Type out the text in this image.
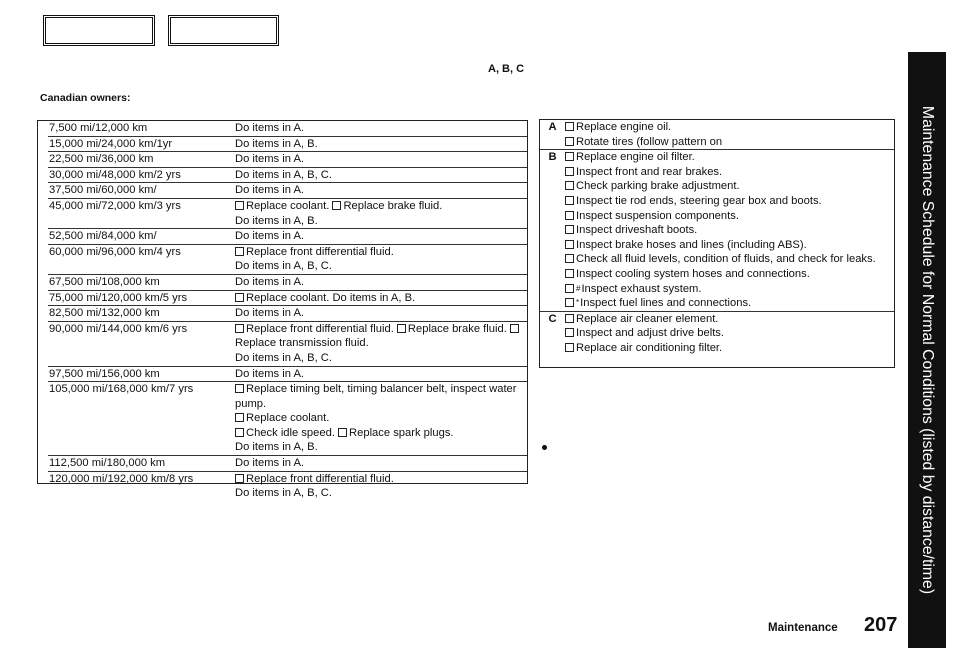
A, B, C
Canadian owners:
7,500 mi/12,000 km	Do items in A.

15,000 mi/24,000 km/1yr	Do items in A, B.

22,500 mi/36,000 km	Do items in A.

30,000 mi/48,000 km/2 yrs	Do items in A, B, C.

37,500 mi/60,000 km/	Do items in A.

45,000 mi/72,000 km/3 yrs	Replace coolant. Replace brake fluid.

Do items in A, B.

52,500 mi/84,000 km/	Do items in A.

60,000 mi/96,000 km/4 yrs	Replace front differential fluid.

Do items in A, B, C.

67,500 mi/108,000 km	Do items in A.

75,000 mi/120,000 km/5 yrs	Replace coolant. Do items in A, B.

82,500 mi/132,000 km	Do items in A.

90,000 mi/144,000 km/6 yrs	Replace front differential fluid. Replace brake fluid. Replace transmission fluid.

Do items in A, B, C.

97,500 mi/156,000 km	Do items in A.

105,000 mi/168,000 km/7 yrs	Replace timing belt, timing balancer belt, inspect water pump.

Replace coolant.

Check idle speed. Replace spark plugs.

Do items in A, B.

112,500 mi/180,000 km	Do items in A.

120,000 mi/192,000 km/8 yrs	Replace front differential fluid.

Do items in A, B, C.

A	Replace engine oil.
Rotate tires (follow pattern on
B	Replace engine oil filter.
Inspect front and rear brakes.
Check parking brake adjustment.
Inspect tie rod ends, steering gear box and boots.
Inspect suspension components.
Inspect driveshaft boots.
Inspect brake hoses and lines (including ABS).
Check all fluid levels, condition of fluids, and check for leaks.
Inspect cooling system hoses and connections.
#Inspect exhaust system.
*Inspect fuel lines and connections.
C	Replace air cleaner element.
Inspect and adjust drive belts.
Replace air conditioning filter.	Maintenance Schedule for Normal Conditions (listed by distance/time)
Maintenance 207
